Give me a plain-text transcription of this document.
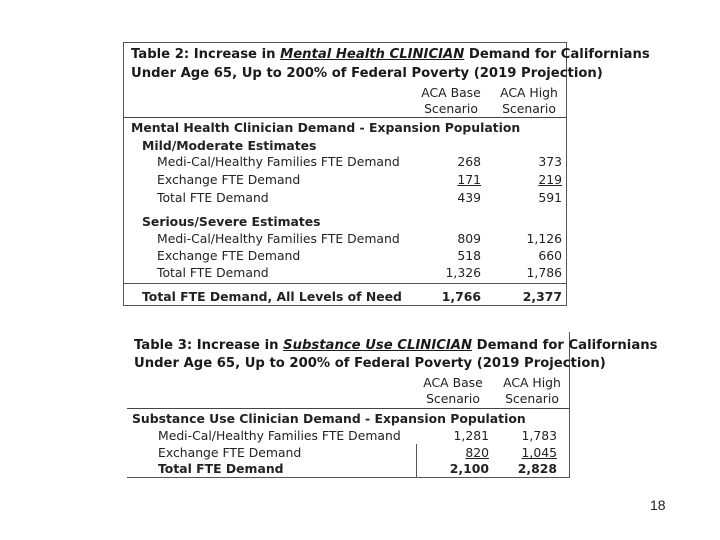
Table 2: Increase in Mental Health CLINICIAN Demand for Californians
Under Age 65, Up to 200% of Federal Poverty (2019 Projection)
ACA Base
Scenario
ACA High
Scenario
Mental Health Clinician Demand - Expansion Population
Mild/Moderate Estimates
Medi-Cal/Healthy Families FTE Demand	268	373
Exchange FTE Demand	171	219
Total FTE Demand	439	591
Serious/Severe Estimates
Medi-Cal/Healthy Families FTE Demand	809	1,126
Exchange FTE Demand	518	660
Total FTE Demand	1,326	1,786
Total FTE Demand, All Levels of Need	1,766	2,377
Table 3: Increase in Substance Use CLINICIAN Demand for Californians
Under Age 65, Up to 200% of Federal Poverty (2019 Projection)
ACA Base
Scenario
ACA High
Scenario
Substance Use Clinician Demand - Expansion Population
Medi-Cal/Healthy Families FTE Demand	1,281	1,783
Exchange FTE Demand	820	1,045
Total FTE Demand	2,100	2,828
18
